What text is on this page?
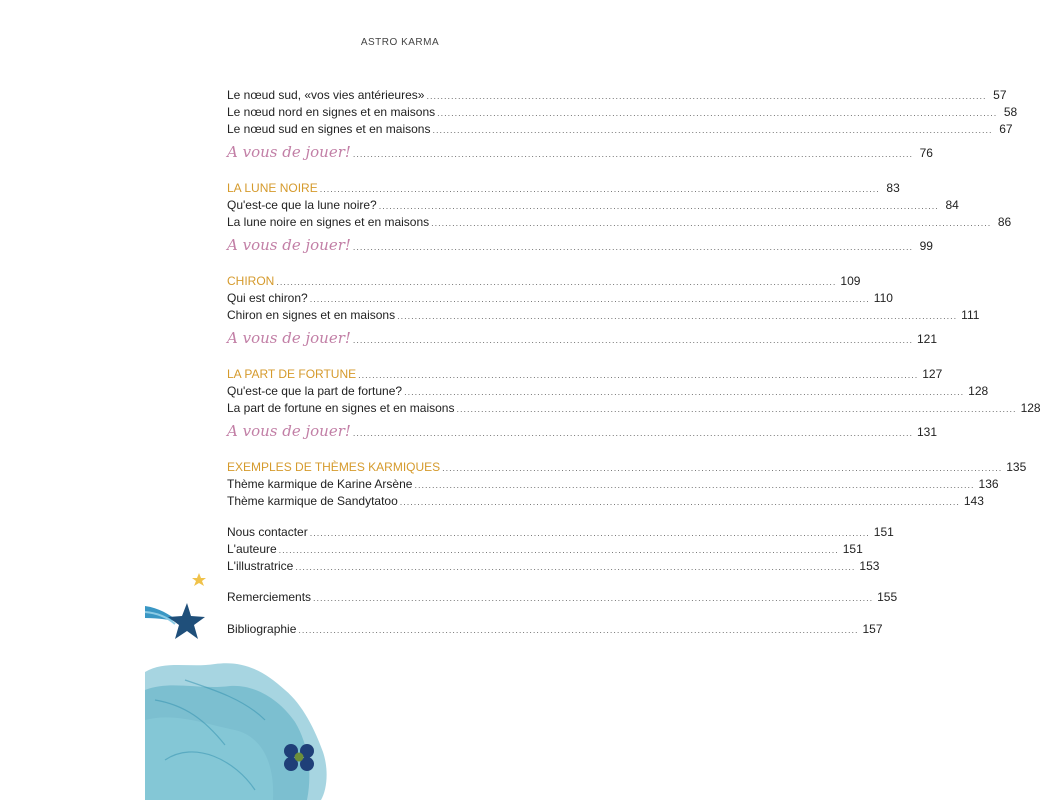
ASTRO KARMA
Le nœud sud, «vos vies antérieures» ................................................................................................................................................................ 57
Le nœud nord en signes et en maisons ................................................................................................................................................................ 58
Le nœud sud en signes et en maisons ................................................................................................................................................................ 67
A vous de jouer! ................................................................................................................................................................ 76
LA LUNE NOIRE ................................................................................................................................................................ 83
Qu'est-ce que la lune noire? ................................................................................................................................................................ 84
La lune noire en signes et en maisons ................................................................................................................................................................ 86
A vous de jouer! ................................................................................................................................................................ 99
CHIRON ................................................................................................................................................................ 109
Qui est chiron? ................................................................................................................................................................ 110
Chiron en signes et en maisons ................................................................................................................................................................ 111
A vous de jouer! ................................................................................................................................................................ 121
LA PART DE FORTUNE ................................................................................................................................................................ 127
Qu'est-ce que la part de fortune? ................................................................................................................................................................ 128
La part de fortune en signes et en maisons ................................................................................................................................................................ 128
A vous de jouer! ................................................................................................................................................................ 131
EXEMPLES DE THÈMES KARMIQUES ................................................................................................................................................................ 135
Thème karmique de Karine Arsène ................................................................................................................................................................ 136
Thème karmique de Sandytatoo ................................................................................................................................................................ 143
Nous contacter ................................................................................................................................................................ 151
L'auteure ................................................................................................................................................................ 151
L'illustratrice ................................................................................................................................................................ 153
Remerciements ................................................................................................................................................................ 155
Bibliographie ................................................................................................................................................................ 157
